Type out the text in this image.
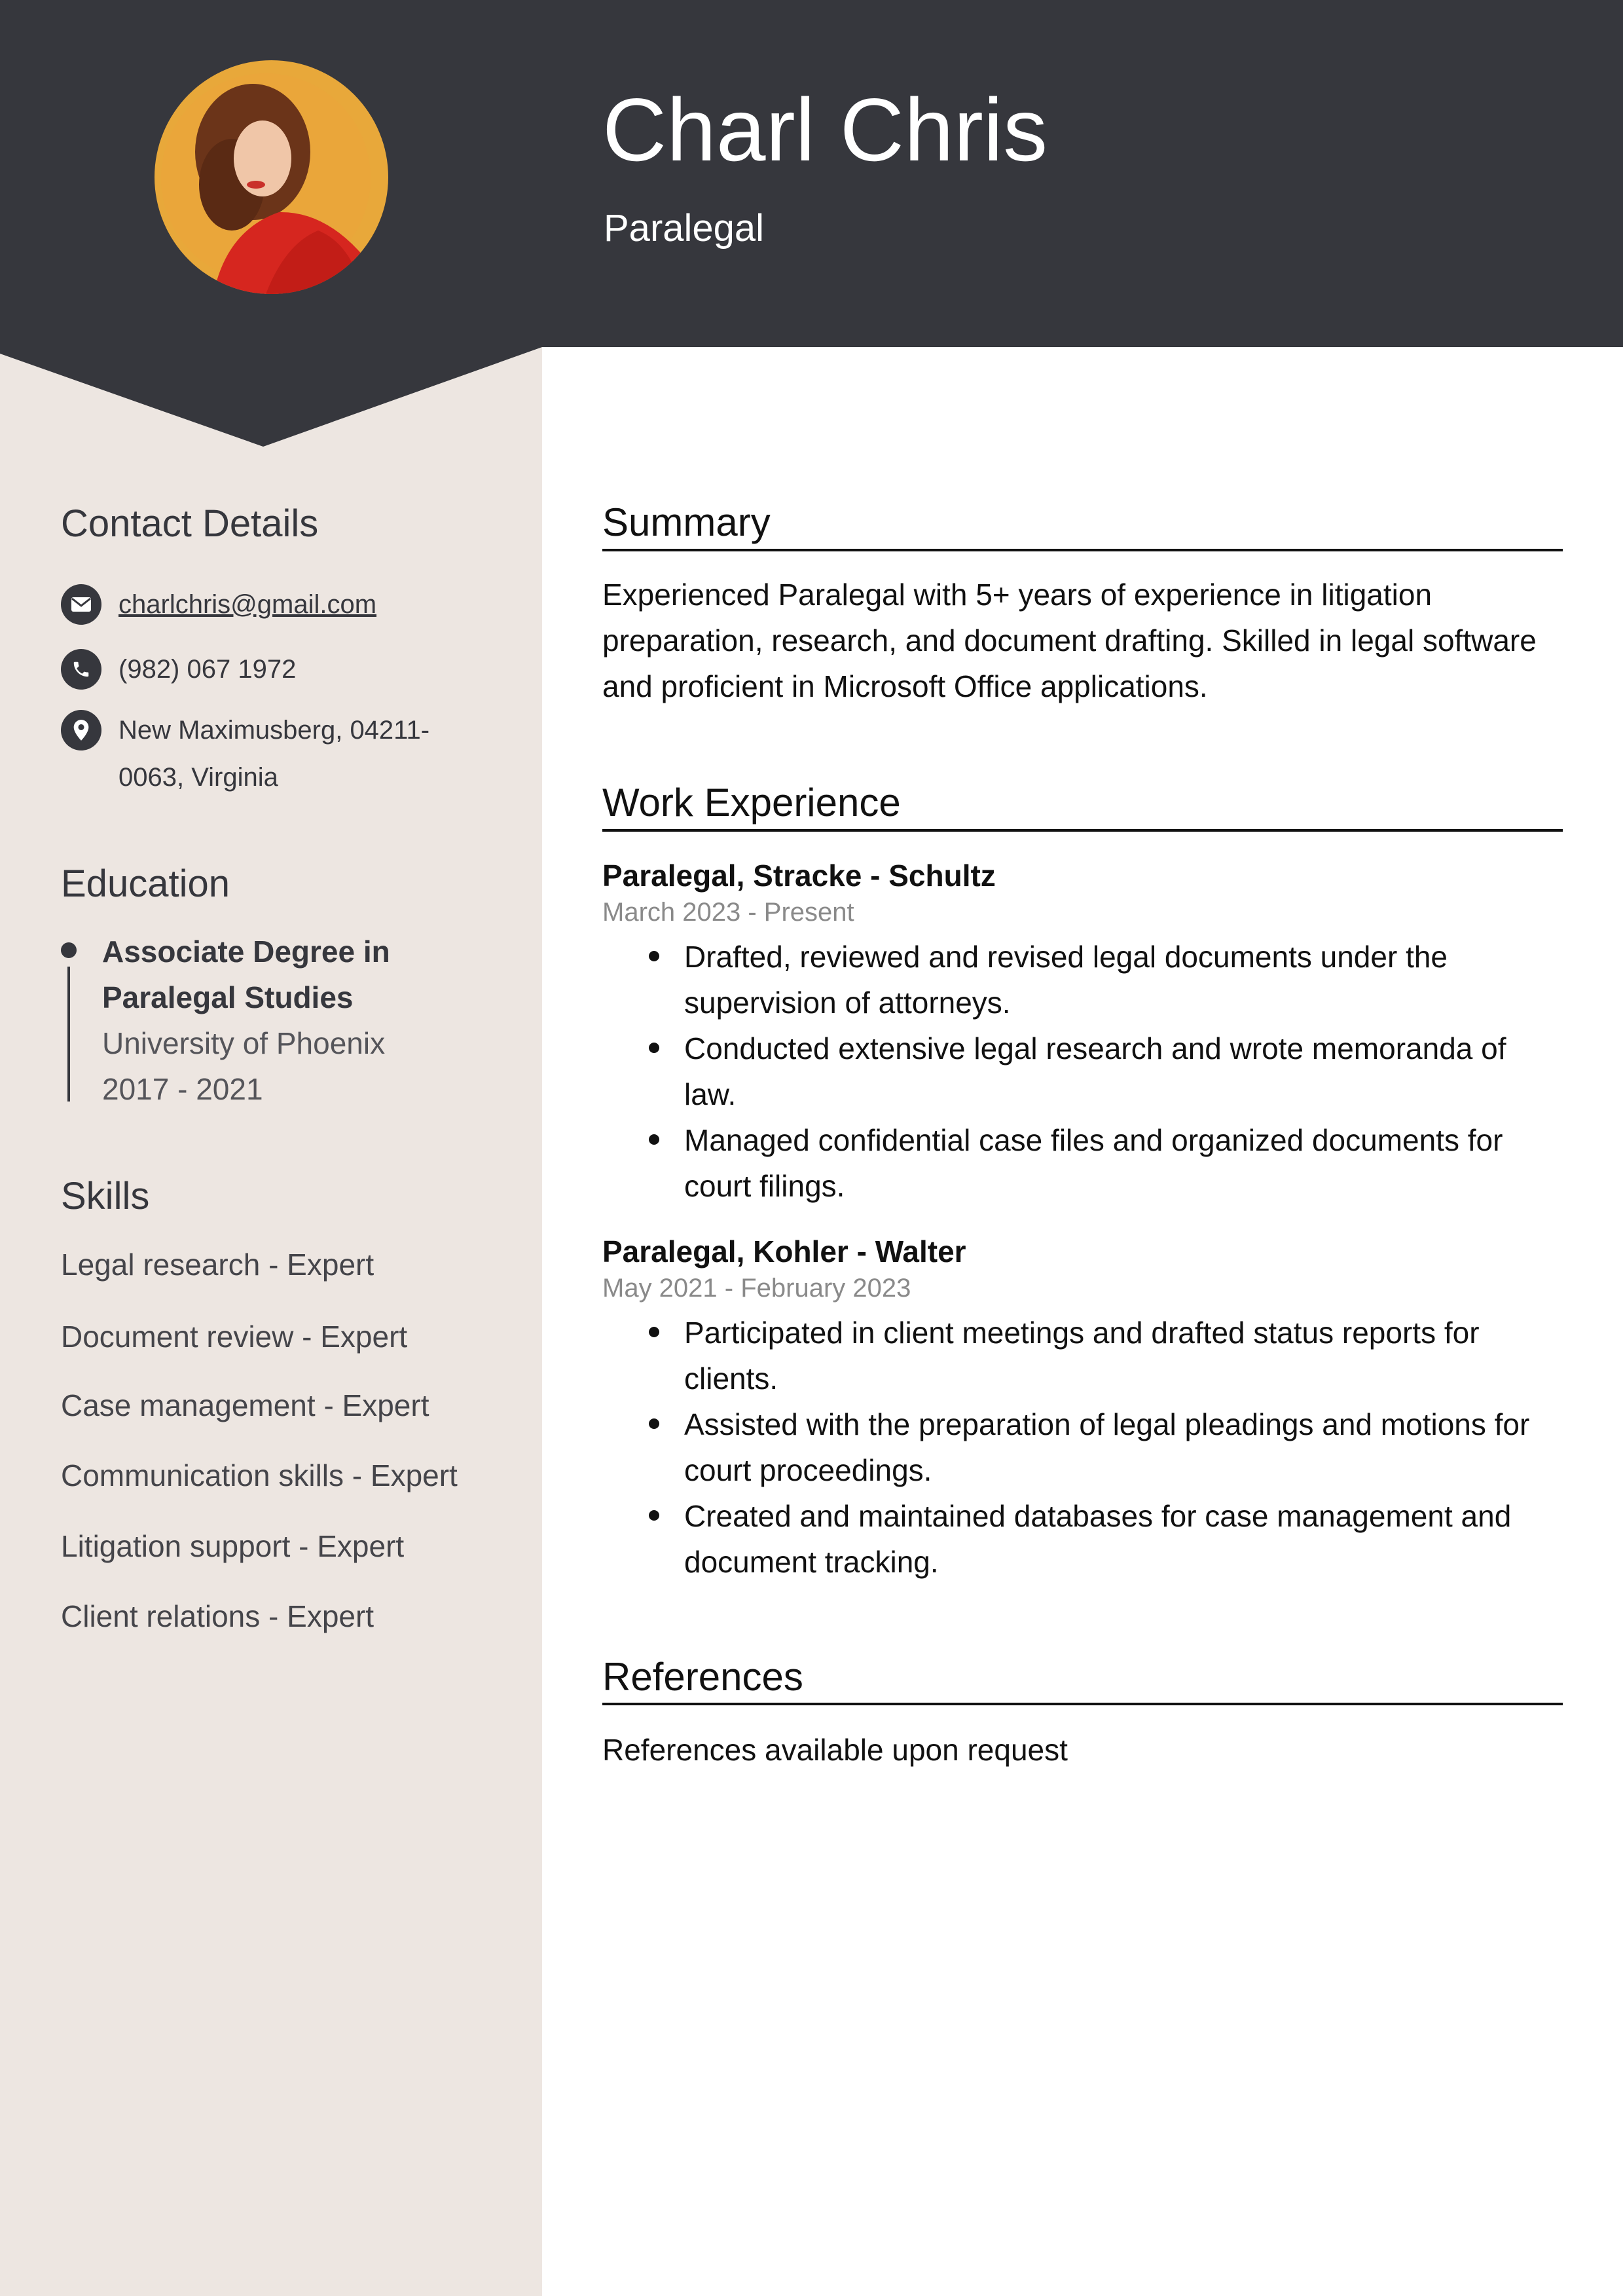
Charl Chris
Paralegal
Contact Details
charlchris@gmail.com
(982) 067 1972
New Maximusberg, 04211-
0063, Virginia
Education
Associate Degree in
Paralegal Studies
University of Phoenix
2017 - 2021
Skills
Legal research - Expert
Document review - Expert
Case management - Expert
Communication skills - Expert
Litigation support - Expert
Client relations - Expert
Summary
Experienced Paralegal with 5+ years of experience in litigation
preparation, research, and document drafting. Skilled in legal software
and proficient in Microsoft Office applications.
Work Experience
Paralegal, Stracke - Schultz
March 2023 - Present
Drafted, reviewed and revised legal documents under the
supervision of attorneys.
Conducted extensive legal research and wrote memoranda of
law.
Managed confidential case files and organized documents for
court filings.
Paralegal, Kohler - Walter
May 2021 - February 2023
Participated in client meetings and drafted status reports for
clients.
Assisted with the preparation of legal pleadings and motions for
court proceedings.
Created and maintained databases for case management and
document tracking.
References
References available upon request
